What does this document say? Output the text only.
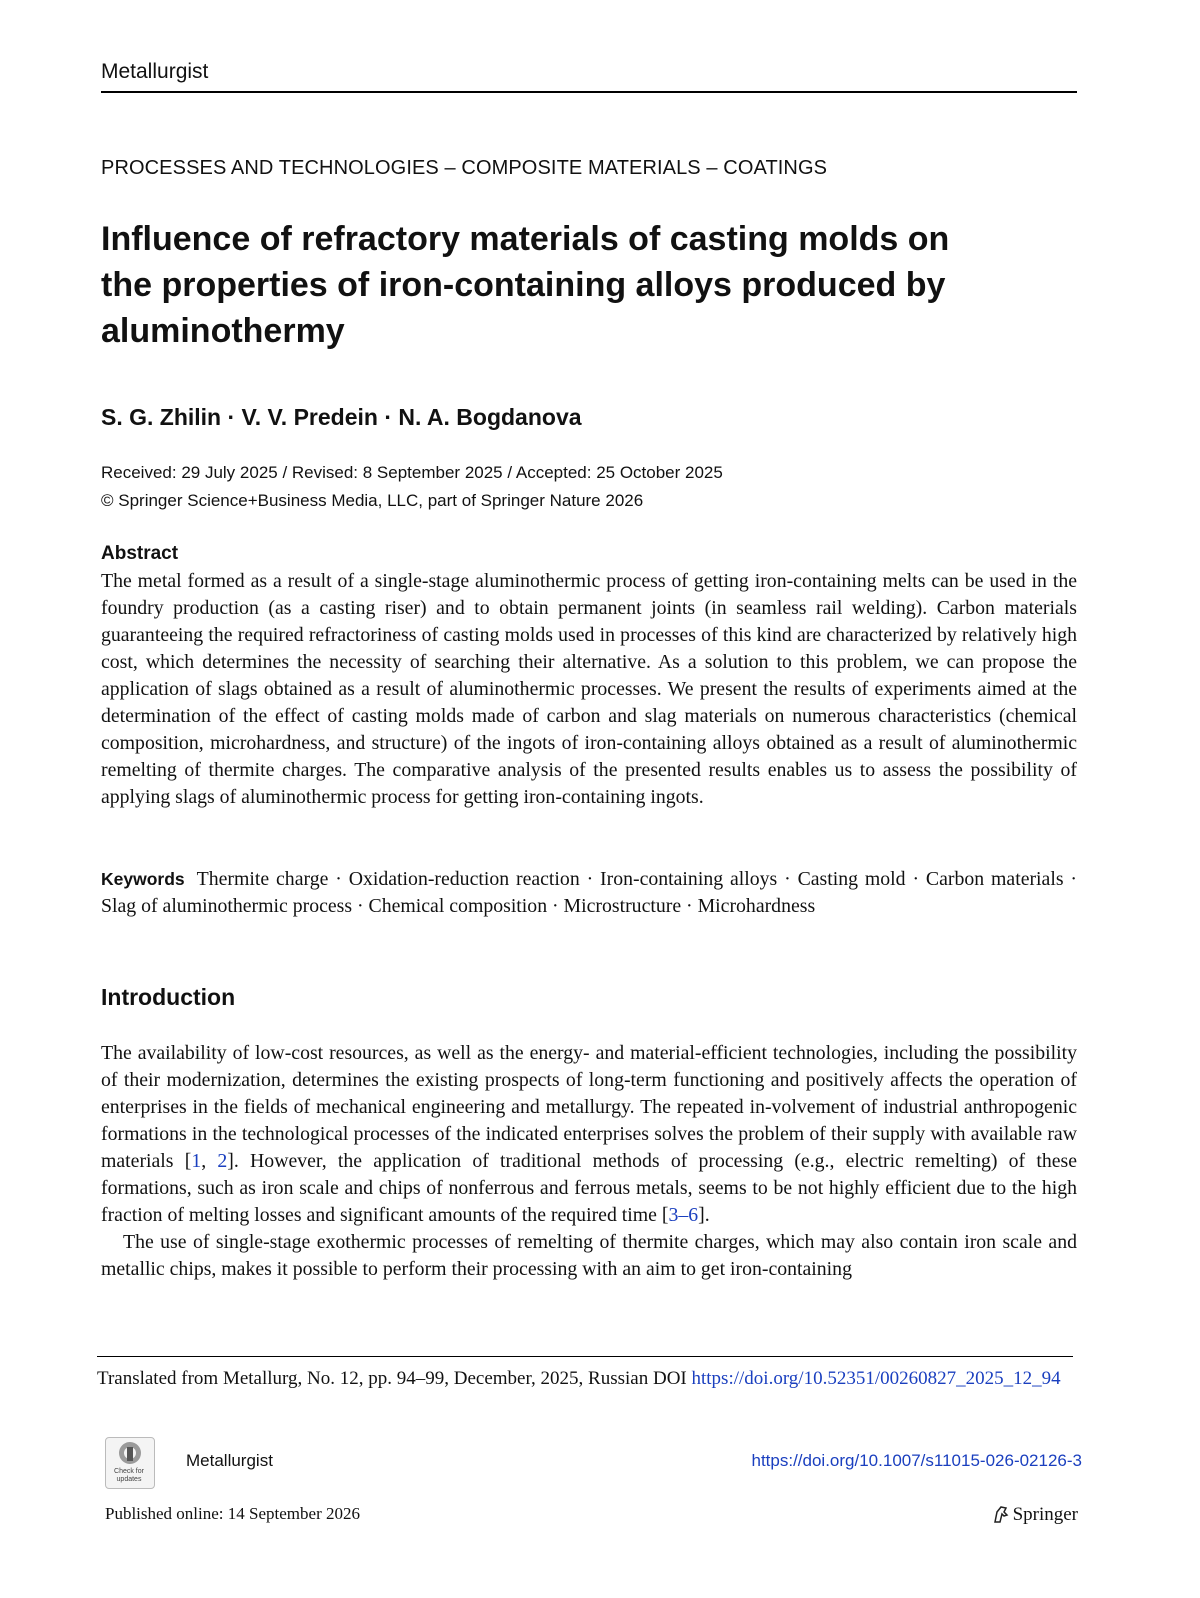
Metallurgist
PROCESSES AND TECHNOLOGIES – COMPOSITE MATERIALS – COATINGS
Influence of refractory materials of casting molds on the properties of iron-containing alloys produced by aluminothermy
S. G. Zhilin · V. V. Predein · N. A. Bogdanova
Received: 29 July 2025 / Revised: 8 September 2025 / Accepted: 25 October 2025
© Springer Science+Business Media, LLC, part of Springer Nature 2026
Abstract
The metal formed as a result of a single-stage aluminothermic process of getting iron-containing melts can be used in the foundry production (as a casting riser) and to obtain permanent joints (in seamless rail welding). Carbon materials guaranteeing the required refractoriness of casting molds used in processes of this kind are characterized by relatively high cost, which determines the necessity of searching their alternative. As a solution to this problem, we can propose the application of slags obtained as a result of aluminothermic processes. We present the results of experiments aimed at the determination of the effect of casting molds made of carbon and slag materials on numerous characteristics (chemical composition, microhardness, and structure) of the ingots of iron-containing alloys obtained as a result of aluminothermic remelting of thermite charges. The comparative analysis of the presented results enables us to assess the possibility of applying slags of aluminothermic process for getting iron-containing ingots.
Keywords Thermite charge · Oxidation-reduction reaction · Iron-containing alloys · Casting mold · Carbon materials · Slag of aluminothermic process · Chemical composition · Microstructure · Microhardness
Introduction

The availability of low-cost resources, as well as the energy- and material-efficient technologies, including the possibility of their modernization, determines the existing prospects of long-term functioning and positively affects the operation of enterprises in the fields of mechanical engineering and metallurgy. The repeated in-volvement of industrial anthropogenic formations in the technological processes of the indicated enterprises solves the problem of their supply with available raw materials [1, 2]. However, the application of traditional methods of processing (e.g., electric remelting) of these formations, such as iron scale and chips of nonferrous and ferrous metals, seems to be not highly efficient due to the high fraction of melting losses and significant amounts of the required time [3–6].

The use of single-stage exothermic processes of remelting of thermite charges, which may also contain iron scale and metallic chips, makes it possible to perform their processing with an aim to get iron-containing

Translated from Metallurg, No. 12, pp. 94–99, December, 2025, Russian DOI https://doi.org/10.52351/00260827_2025_12_94
Check for updates
Metallurgist	https://doi.org/10.1007/s11015-026-02126-3
Published online: 14 September 2026	Springer
